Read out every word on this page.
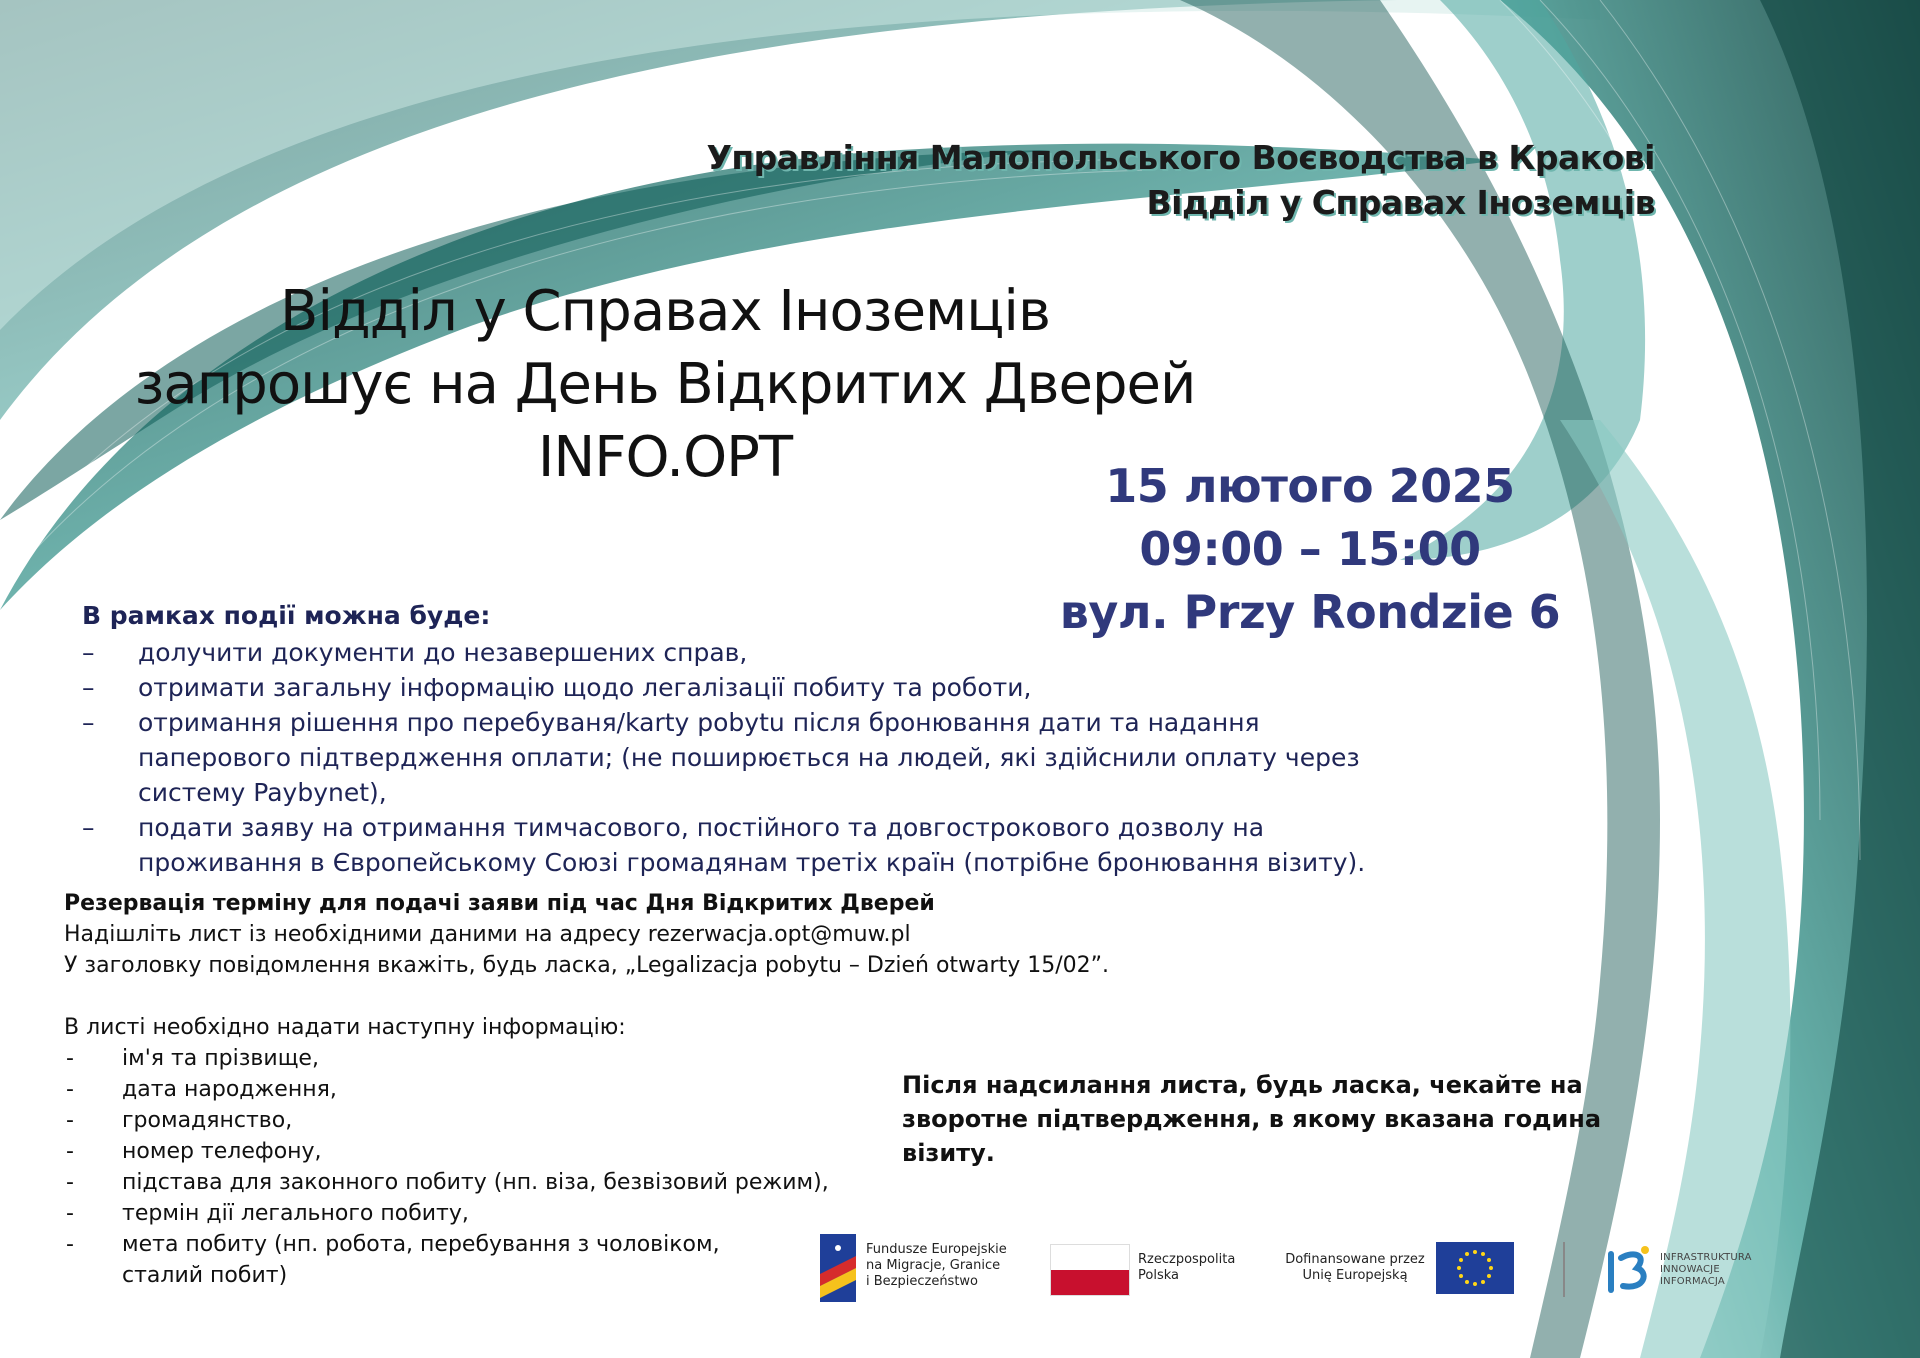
Управління Малопольського Воєводства в Кракові
Відділ у Справах Іноземців
Відділ у Справах Іноземців
запрошує на День Відкритих Дверей
INFO.OPT	15 лютого 2025
09:00 – 15:00
вул. Przy Rondzie 6
В рамках події можна буде:
– долучити документи до незавершених справ,
– отримати загальну інформацію щодо легалізації побиту та роботи,
– отримання рішення про перебуваня/karty pobytu після бронювання дати та надання паперового підтвердження оплати; (не поширюється на людей, які здійснили оплату через систему Paybynet),
– подати заяву на отримання тимчасового, постійного та довгострокового дозволу на проживання в Європейському Союзі громадянам третіх країн (потрібне бронювання візиту).
Резервація терміну для подачі заяви під час Дня Відкритих Дверей
Надішліть лист із необхідними даними на адресу rezerwacja.opt@muw.pl
У заголовку повідомлення вкажіть, будь ласка, „Legalizacja pobytu – Dzień otwarty 15/02”.
В листі необхідно надати наступну інформацію:
- ім'я та прізвище,
- дата народження,
- громадянство,
- номер телефону,
- підстава для законного побиту (нп. віза, безвізовий режим),
- термін дії легального побиту,
- мета побиту (нп. робота, перебування з чоловіком, сталий побит)
Після надсилання листа, будь ласка, чекайте на зворотне підтвердження, в якому вказана година візиту.
Fundusze Europejskie
na Migracje, Granice
i Bezpieczeństwo
Rzeczpospolita
Polska
Dofinansowane przez
Unię Europejską
INFRASTRUKTURA
INNOWACJE
INFORMACJA
